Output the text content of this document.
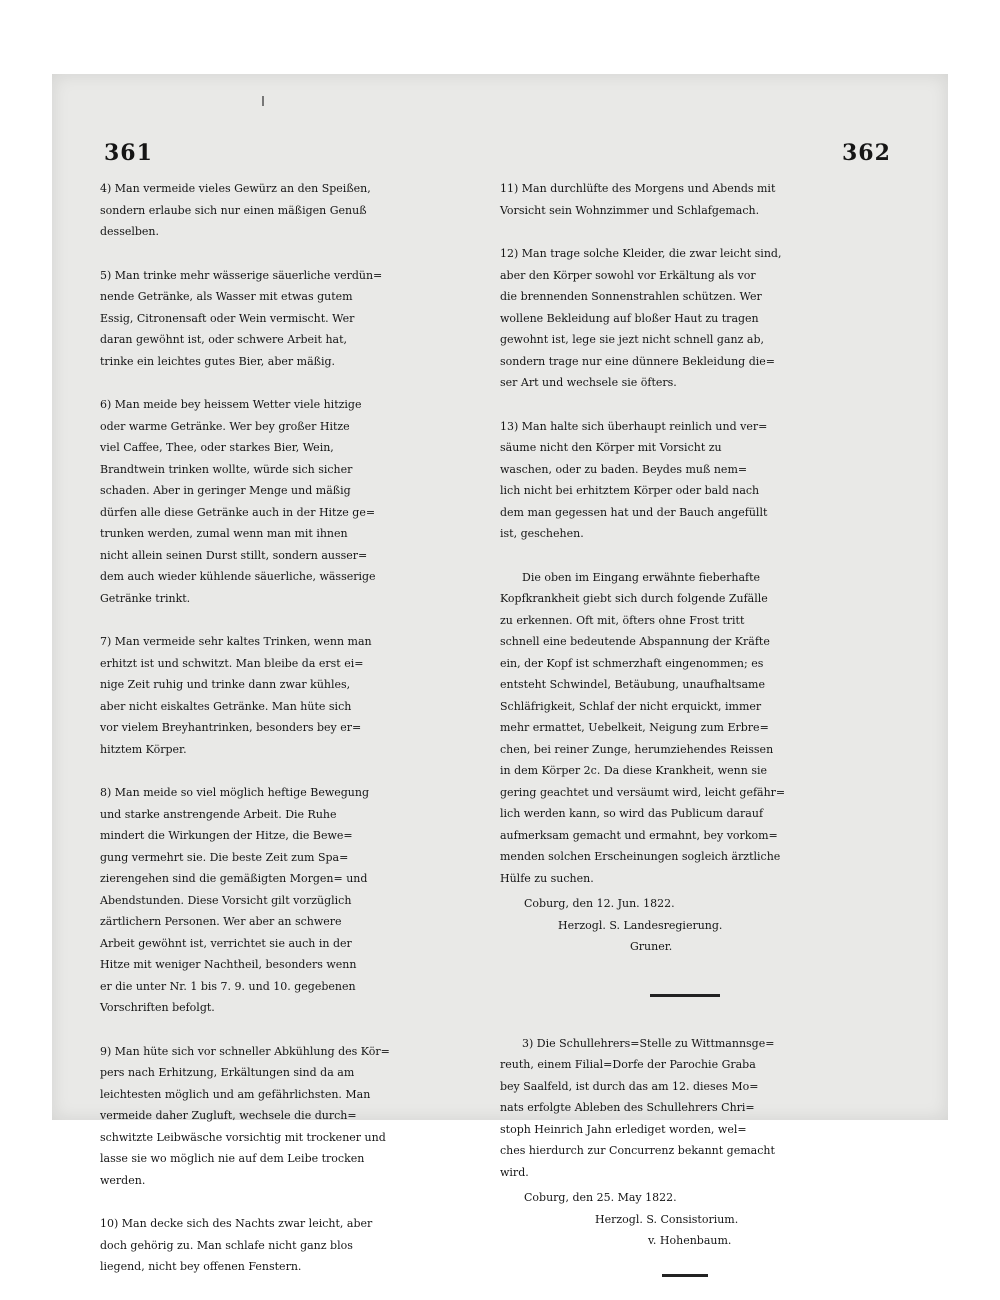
361	362
4) Man vermeide vieles Gewürz an den Speißen,
sondern erlaube sich nur einen mäßigen Genuß
desselben.
5) Man trinke mehr wässerige säuerliche verdün=
nende Getränke, als Wasser mit etwas gutem
Essig, Citronensaft oder Wein vermischt. Wer
daran gewöhnt ist, oder schwere Arbeit hat,
trinke ein leichtes gutes Bier, aber mäßig.
6) Man meide bey heissem Wetter viele hitzige
oder warme Getränke. Wer bey großer Hitze
viel Caffee, Thee, oder starkes Bier, Wein,
Brandtwein trinken wollte, würde sich sicher
schaden. Aber in geringer Menge und mäßig
dürfen alle diese Getränke auch in der Hitze ge=
trunken werden, zumal wenn man mit ihnen
nicht allein seinen Durst stillt, sondern ausser=
dem auch wieder kühlende säuerliche, wässerige
Getränke trinkt.
7) Man vermeide sehr kaltes Trinken, wenn man
erhitzt ist und schwitzt. Man bleibe da erst ei=
nige Zeit ruhig und trinke dann zwar kühles,
aber nicht eiskaltes Getränke. Man hüte sich
vor vielem Breyhantrinken, besonders bey er=
hitztem Körper.
8) Man meide so viel möglich heftige Bewegung
und starke anstrengende Arbeit. Die Ruhe
mindert die Wirkungen der Hitze, die Bewe=
gung vermehrt sie. Die beste Zeit zum Spa=
zierengehen sind die gemäßigten Morgen= und
Abendstunden. Diese Vorsicht gilt vorzüglich
zärtlichern Personen. Wer aber an schwere
Arbeit gewöhnt ist, verrichtet sie auch in der
Hitze mit weniger Nachtheil, besonders wenn
er die unter Nr. 1 bis 7. 9. und 10. gegebenen
Vorschriften befolgt.
9) Man hüte sich vor schneller Abkühlung des Kör=
pers nach Erhitzung, Erkältungen sind da am
leichtesten möglich und am gefährlichsten. Man
vermeide daher Zugluft, wechsele die durch=
schwitzte Leibwäsche vorsichtig mit trockener und
lasse sie wo möglich nie auf dem Leibe trocken
werden.
10) Man decke sich des Nachts zwar leicht, aber
doch gehörig zu. Man schlafe nicht ganz blos
liegend, nicht bey offenen Fenstern.
11) Man durchlüfte des Morgens und Abends mit
Vorsicht sein Wohnzimmer und Schlafgemach.
12) Man trage solche Kleider, die zwar leicht sind,
aber den Körper sowohl vor Erkältung als vor
die brennenden Sonnenstrahlen schützen. Wer
wollene Bekleidung auf bloßer Haut zu tragen
gewohnt ist, lege sie jezt nicht schnell ganz ab,
sondern trage nur eine dünnere Bekleidung die=
ser Art und wechsele sie öfters.
13) Man halte sich überhaupt reinlich und ver=
säume nicht den Körper mit Vorsicht zu
waschen, oder zu baden. Beydes muß nem=
lich nicht bei erhitztem Körper oder bald nach
dem man gegessen hat und der Bauch angefüllt
ist, geschehen.
Die oben im Eingang erwähnte fieberhafte
Kopfkrankheit giebt sich durch folgende Zufälle
zu erkennen. Oft mit, öfters ohne Frost tritt
schnell eine bedeutende Abspannung der Kräfte
ein, der Kopf ist schmerzhaft eingenommen; es
entsteht Schwindel, Betäubung, unaufhaltsame
Schläfrigkeit, Schlaf der nicht erquickt, immer
mehr ermattet, Uebelkeit, Neigung zum Erbre=
chen, bei reiner Zunge, herumziehendes Reissen
in dem Körper 2c. Da diese Krankheit, wenn sie
gering geachtet und versäumt wird, leicht gefähr=
lich werden kann, so wird das Publicum darauf
aufmerksam gemacht und ermahnt, bey vorkom=
menden solchen Erscheinungen sogleich ärztliche
Hülfe zu suchen.
Coburg, den 12. Jun. 1822.
Herzogl. S. Landesregierung.
Gruner.
3) Die Schullehrers=Stelle zu Wittmannsge=
reuth, einem Filial=Dorfe der Parochie Graba
bey Saalfeld, ist durch das am 12. dieses Mo=
nats erfolgte Ableben des Schullehrers Chri=
stoph Heinrich Jahn erlediget worden, wel=
ches hierdurch zur Concurrenz bekannt gemacht
wird.
Coburg, den 25. May 1822.
Herzogl. S. Consistorium.
v. Hohenbaum.
